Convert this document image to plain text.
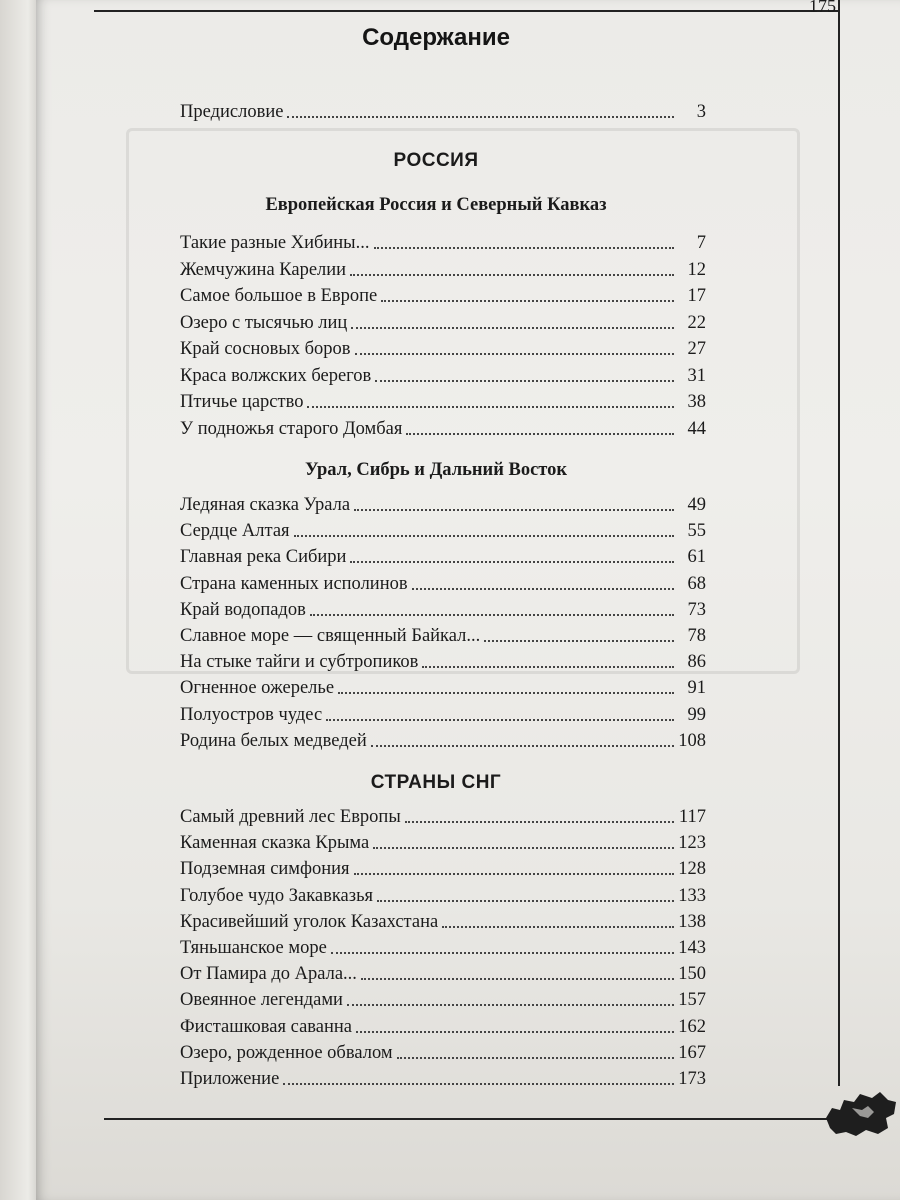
175
Содержание
Предисловие	3
РОССИЯ
Европейская Россия и Северный Кавказ
Такие разные Хибины...	7
Жемчужина Карелии	12
Самое большое в Европе	17
Озеро с тысячью лиц	22
Край сосновых боров	27
Краса волжских берегов	31
Птичье царство	38
У подножья старого Домбая	44
Урал, Сибрь и Дальний Восток
Ледяная сказка Урала	49
Сердце Алтая	55
Главная река Сибири	61
Страна каменных исполинов	68
Край водопадов	73
Славное море — священный Байкал...	78
На стыке тайги и субтропиков	86
Огненное ожерелье	91
Полуостров чудес	99
Родина белых медведей	108
СТРАНЫ СНГ
Самый древний лес Европы	117
Каменная сказка Крыма	123
Подземная симфония	128
Голубое чудо Закавказья	133
Красивейший уголок Казахстана	138
Тяньшанское море	143
От Памира до Арала...	150
Овеянное легендами	157
Фисташковая саванна	162
Озеро, рожденное обвалом	167
Приложение	173
